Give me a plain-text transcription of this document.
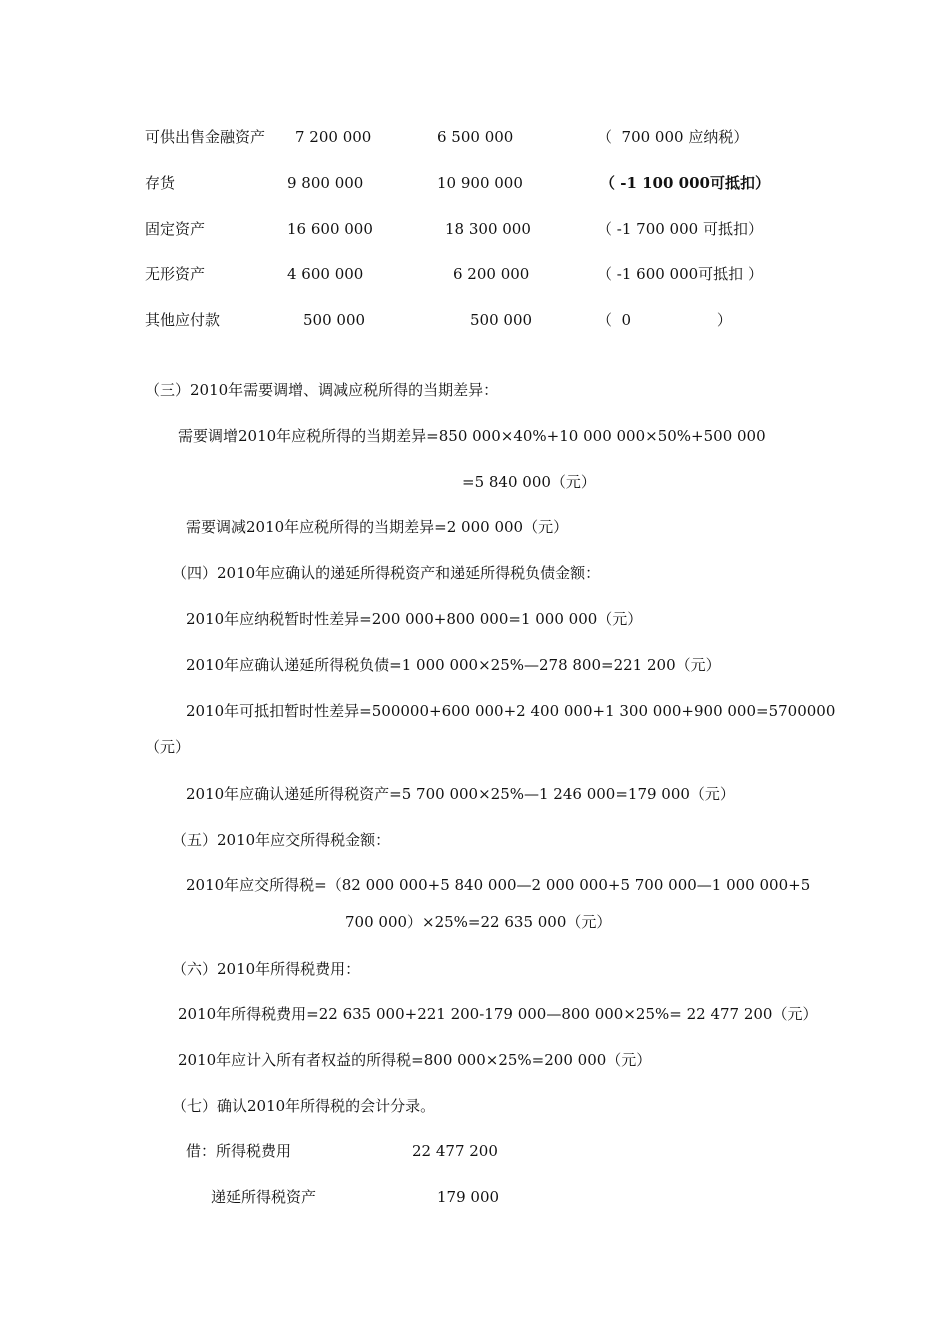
可供出售金融资产 7 200 000	6 500 000	（  700 000 应纳税）
存货	9 800 000	10 900 000	（ -1 100 000可抵扣）
固定资产	16 600 000	18 300 000	（ -1 700 000 可抵扣）
无形资产	4 600 000	6 200 000	（ -1 600 000可抵扣 ）
其他应付款	500 000	500 000	（  0                  ）
（三）2010年需要调增、调减应税所得的当期差异：
需要调增2010年应税所得的当期差异=850 000×40%+10 000 000×50%+500 000
=5 840 000（元）
需要调减2010年应税所得的当期差异=2 000 000（元）
（四）2010年应确认的递延所得税资产和递延所得税负债金额：
2010年应纳税暂时性差异=200 000+800 000=1 000 000（元）
2010年应确认递延所得税负债=1 000 000×25%—278 800=221 200（元）
2010年可抵扣暂时性差异=500000+600 000+2 400 000+1 300 000+900 000=5700000
（元）
2010年应确认递延所得税资产=5 700 000×25%—1 246 000=179 000（元）
（五）2010年应交所得税金额：
2010年应交所得税=（82 000 000+5 840 000—2 000 000+5 700 000—1 000 000+5
700 000）×25%=22 635 000（元）
（六）2010年所得税费用：
2010年所得税费用=22 635 000+221 200-179 000—800 000×25%= 22 477 200（元）
2010年应计入所有者权益的所得税=800 000×25%=200 000（元）
（七）确认2010年所得税的会计分录。
借：所得税费用	22 477 200
递延所得税资产	179 000
